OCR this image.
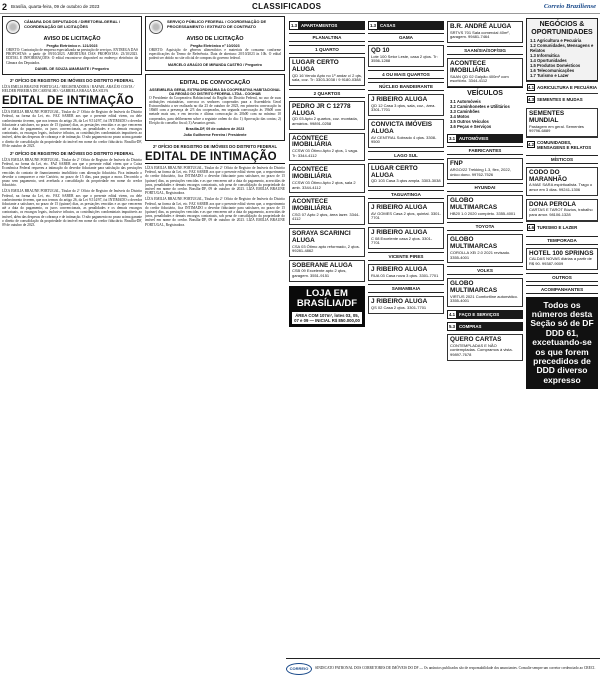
2 Brasília, quarta-feira, 09 de outubro de 2023	CLASSIFICADOS	Correio Braziliense
CÂMARA DOS DEPUTADOS / DIRETORIA-GERAL / COORDENAÇÃO DE LICITAÇÕES
AVISO DE LICITAÇÃO
Pregão Eletrônico n. 121/2023
OBJETO: Contratação de empresa especializada na prestação de serviços. ENTREGA DAS PROPOSTAS: a partir de 09/10/2023. ABERTURA DAS PROPOSTAS: 23/10/2023. EDITAL E INFORMAÇÕES: O edital encontra-se disponível no endereço eletrônico da Câmara dos Deputados.
DANIEL DE SOUZA AMARANTE / Pregoeiro
2º OFÍCIO DE REGISTRO DE IMÓVEIS DO DISTRITO FEDERAL
LÍZA EMILIA BRAUNE PORTUGAL / REGISTRADORA / RAFAEL ARAÚJO COSTA / HELDER PEREIRA DE CARVALHO / GABRIELA BRAGA DA SILVA
EDITAL DE INTIMAÇÃO
LÍZA EMILIA BRAUNE PORTUGAL, Titular do 2º Ofício de Registro de Imóveis do Distrito Federal, na forma da Lei, etc. FAZ SABER aos que o presente edital virem, ou dele conhecimento tiverem, que nos termos do artigo 26, da Lei 9.514/97, foi INTIMADO o devedor fiduciante a satisfazer, no prazo de 15 (quinze) dias, as prestações vencidas e as que vencerem até a data do pagamento, os juros convencionais, as penalidades e os demais encargos contratuais, os encargos legais, inclusive tributos, as contribuições condominiais imputáveis ao imóvel, além das despesas de cobrança e de intimação. O não pagamento no prazo acima garante o direito de consolidação da propriedade do imóvel em nome do credor fiduciário. Brasília-DF, 09 de outubro de 2023.
2º OFÍCIO DE REGISTRO DE IMÓVEIS DO DISTRITO FEDERAL
LÍZA EMILIA BRAUNE PORTUGAL, Titular do 2º Ofício de Registro de Imóveis do Distrito Federal, na forma da Lei, etc. FAZ SABER aos que o presente edital virem que a Caixa Econômica Federal requereu a intimação do devedor fiduciante para satisfação das prestações vencidas do contrato de financiamento imobiliário com alienação fiduciária. Fica intimado o devedor a comparecer a este Cartório, no prazo de 15 dias, para purgar a mora. Decorrido o prazo sem pagamento, será averbada a consolidação da propriedade em nome do credor fiduciário.
LÍZA EMILIA BRAUNE PORTUGAL, Titular do 2º Ofício de Registro de Imóveis do Distrito Federal, na forma da Lei, etc. FAZ SABER aos que o presente edital virem, ou dele conhecimento tiverem, que nos termos do artigo 26, da Lei 9.514/97, foi INTIMADO o devedor fiduciante a satisfazer, no prazo de 15 (quinze) dias, as prestações vencidas e as que vencerem até a data do pagamento, os juros convencionais, as penalidades e os demais encargos contratuais, os encargos legais, inclusive tributos, as contribuições condominiais imputáveis ao imóvel, além das despesas de cobrança e de intimação. O não pagamento no prazo acima garante o direito de consolidação da propriedade do imóvel em nome do credor fiduciário. Brasília-DF, 09 de outubro de 2023.
SERVIÇO PÚBLICO FEDERAL / COORDENAÇÃO DE PROCESSAMENTO / EXTRATO DE CONTRATO
AVISO DE LICITAÇÃO
Pregão Eletrônico nº 10/2023
OBJETO: Aquisição de gêneros alimentícios e materiais de consumo conforme especificações do Termo de Referência. Data de abertura: 20/10/2023 às 10h. O edital poderá ser obtido no site oficial de compras do governo federal.
MARCELO ARAÚJO DE MIRANDA CASTRO / Pregoeiro
EDITAL DE CONVOCAÇÃO
ASSEMBLEIA GERAL EXTRAORDINÁRIA DA COOPERATIVA HABITACIONAL DA REGIÃO DO DISTRITO FEDERAL LTDA - COOHAB
O Presidente da Cooperativa Habitacional da Região do Distrito Federal, no uso de suas atribuições estatutárias, convoca os senhores cooperados para a Assembleia Geral Extraordinária a ser realizada no dia 23 de outubro de 2023, em primeira convocação às 18h00 com a presença de 2/3 dos cooperados, em segunda convocação às 19h00 com metade mais um, e em terceira e última convocação às 20h00 com no mínimo 10 cooperados, para deliberarem sobre a seguinte ordem do dia: 1) Aprovação das contas; 2) Eleição do conselho fiscal; 3) Assuntos gerais.
Brasília-DF, 09 de outubro de 2023
João Guilherme Ferreira / Presidente
2º OFÍCIO DE REGISTRO DE IMÓVEIS DO DISTRITO FEDERAL
EDITAL DE INTIMAÇÃO
LÍZA EMILIA BRAUNE PORTUGAL, Titular do 2º Ofício de Registro de Imóveis do Distrito Federal, na forma da Lei, etc. FAZ SABER aos que o presente edital virem que, a requerimento do credor fiduciário, fica INTIMADO o devedor fiduciante para satisfazer, no prazo de 15 (quinze) dias, as prestações vencidas e as que vencerem até a data do pagamento, acrescidas de juros, penalidades e demais encargos contratuais, sob pena de consolidação da propriedade do imóvel em nome do credor. Brasília-DF, 09 de outubro de 2023. LÍZA EMILIA BRAUNE PORTUGAL, Registradora.
LÍZA EMILIA BRAUNE PORTUGAL, Titular do 2º Ofício de Registro de Imóveis do Distrito Federal, na forma da Lei, etc. FAZ SABER aos que o presente edital virem que, a requerimento do credor fiduciário, fica INTIMADO o devedor fiduciante para satisfazer, no prazo de 15 (quinze) dias, as prestações vencidas e as que vencerem até a data do pagamento, acrescidas de juros, penalidades e demais encargos contratuais, sob pena de consolidação da propriedade do imóvel em nome do credor. Brasília-DF, 09 de outubro de 2023. LÍZA EMILIA BRAUNE PORTUGAL, Registradora.
1.3 APARTAMENTOS
PLANALTINA
1 QUARTO
LUGAR CERTO ALUGA
QD 16 Vendo Apto no 1º andar c/ 2 qts, sala, coz. Tr: 3303-3038 / 9 9180-0388
2 QUARTOS
PEDRO JR C 12778 ALUGA
QD 03 Apto 2 quartos, coz. montada, armários. 99891-0258
ACONTECE IMOBILIÁRIA
CCSW 03 Ótimo Apto 2 qtos, 1 vaga. Tr: 3344-4112
ACONTECE IMOBILIÁRIA
CCSW 03 Ótimo Apto 2 qtos, sala 2 amb. 3344-4112
ACONTECE IMOBILIÁRIA
CSG 07 Apto 2 qtos, área lazer. 3344-4112
SORAYA SCARINCI ALUGA
CSA 03 Ótimo apto reformado, 2 qtos. 99281-4862
SOBERANE ALUGA
CSB 09 Excelente apto 2 qtos, garagem. 3551-9151
LOJA EM BRASÍLIA/DF
ÁREA COM 107m², lotes 03, 05, 07 e 09 — INICIAL R$ 850.000,00
1.3 CASAS
GAMA
QD 10
Lote 100 Setor Leste, casa 2 qtos. Tr: 3556-1288
4 OU MAIS QUARTOS
NÚCLEO BANDEIRANTE
J RIBEIRO ALUGA
QD 12 Casa 3 qtos, sala, coz., área. 3301-7701
CONVICTA IMÓVEIS ALUGA
AV CENTRAL Sobrado 4 qtos. 3308-9500
LAGO SUL
LUGAR CERTO ALUGA
QD 103 Casa 3 qtos ampla. 3303-3038
TAGUATINGA
J RIBEIRO ALUGA
AV GOMES Casa 2 qtos, quintal. 3301-7701
J RIBEIRO ALUGA
C 08 Excelente casa 2 qtos. 3301-7701
VICENTE PIRES
J RIBEIRO ALUGA
RUA 03 Casa nova 3 qtos. 3301-7701
SAMAMBAIA
J RIBEIRO ALUGA
QS 02 Casa 2 qtos. 3301-7701
B.R. ANDRÉ ALUGA
SRTVS 701 Sala comercial 40m², garagem. 99481-7464
SAAN/SIA/SOF/SIG
ACONTECE IMOBILIÁRIA
SAAN QD 02 Galpão 400m² com escritório. 3344-4112
VEÍCULOS
3.1 Automóveis
3.2 Caminhonetes e Utilitários
3.3 Caminhões
3.4 Motos
3.5 Outros Veículos
3.6 Peças e Serviços
3.1 AUTOMÓVEIS
FABRICANTES
FNP
ARGO/22 Trekking 1.3, flex, 2022, único dono. 99762-7526
HYUNDAI
GLOBO MULTIMARCAS
HB20 1.0 2020 completo. 3355-4001
TOYOTA
GLOBO MULTIMARCAS
COROLLA XEi 2.0 2021 revisado. 3355-4001
VOLKS
GLOBO MULTIMARCAS
VIRTUS 2021 Comfortline automático. 3355-4001
4.1 FAÇO E SERVIÇOS
5.3 COMPRAS
QUERO CARTAS
CONTEMPLADAS E NÃO contempladas. Compramos à vista. 99897-7678
NEGÓCIOS & OPORTUNIDADES
1.1 Agricultura e Pecuária
1.2 Comunidades, Mensagens e Relatos
1.3 Informática
1.4 Oportunidades
1.5 Produtos Domésticos
1.6 Telecomunicações
1.7 Turismo e Lazer
4.1 AGRICULTURA E PECUÁRIA
4.3 SEMENTES E MUDAS
SEMENTES MUNDIAL
Pastagem em geral. Sementes 99796-6889
4.2 COMUNIDADES, MENSAGENS E RELATOS
MÍSTICOS
CODO DO MARANHÃO
A MAE SARA espiritualista. Trago o amor em 3 dias. 99241-1306
DONA PEROLA
CARTAS E TAROT Búzios, trabalho para amor. 98106-1328
4.6 TURISMO E LAZER
TEMPORADA
HOTEL 100 SPRINGS
CALDAS NOVAS diárias a partir de R$ 90. 99387-9009
OUTROS
ACOMPANHANTES
Todos os números desta Seção só de DF DDD 61, excetuando-se os que forem precedidos de DDD diverso expresso
CORREIO	SINDICATO PATRONAL DOS CORRETORES DE IMÓVEIS DO DF — Os anúncios publicados são de responsabilidade dos anunciantes. Consulte sempre um corretor credenciado ao CRECI.
